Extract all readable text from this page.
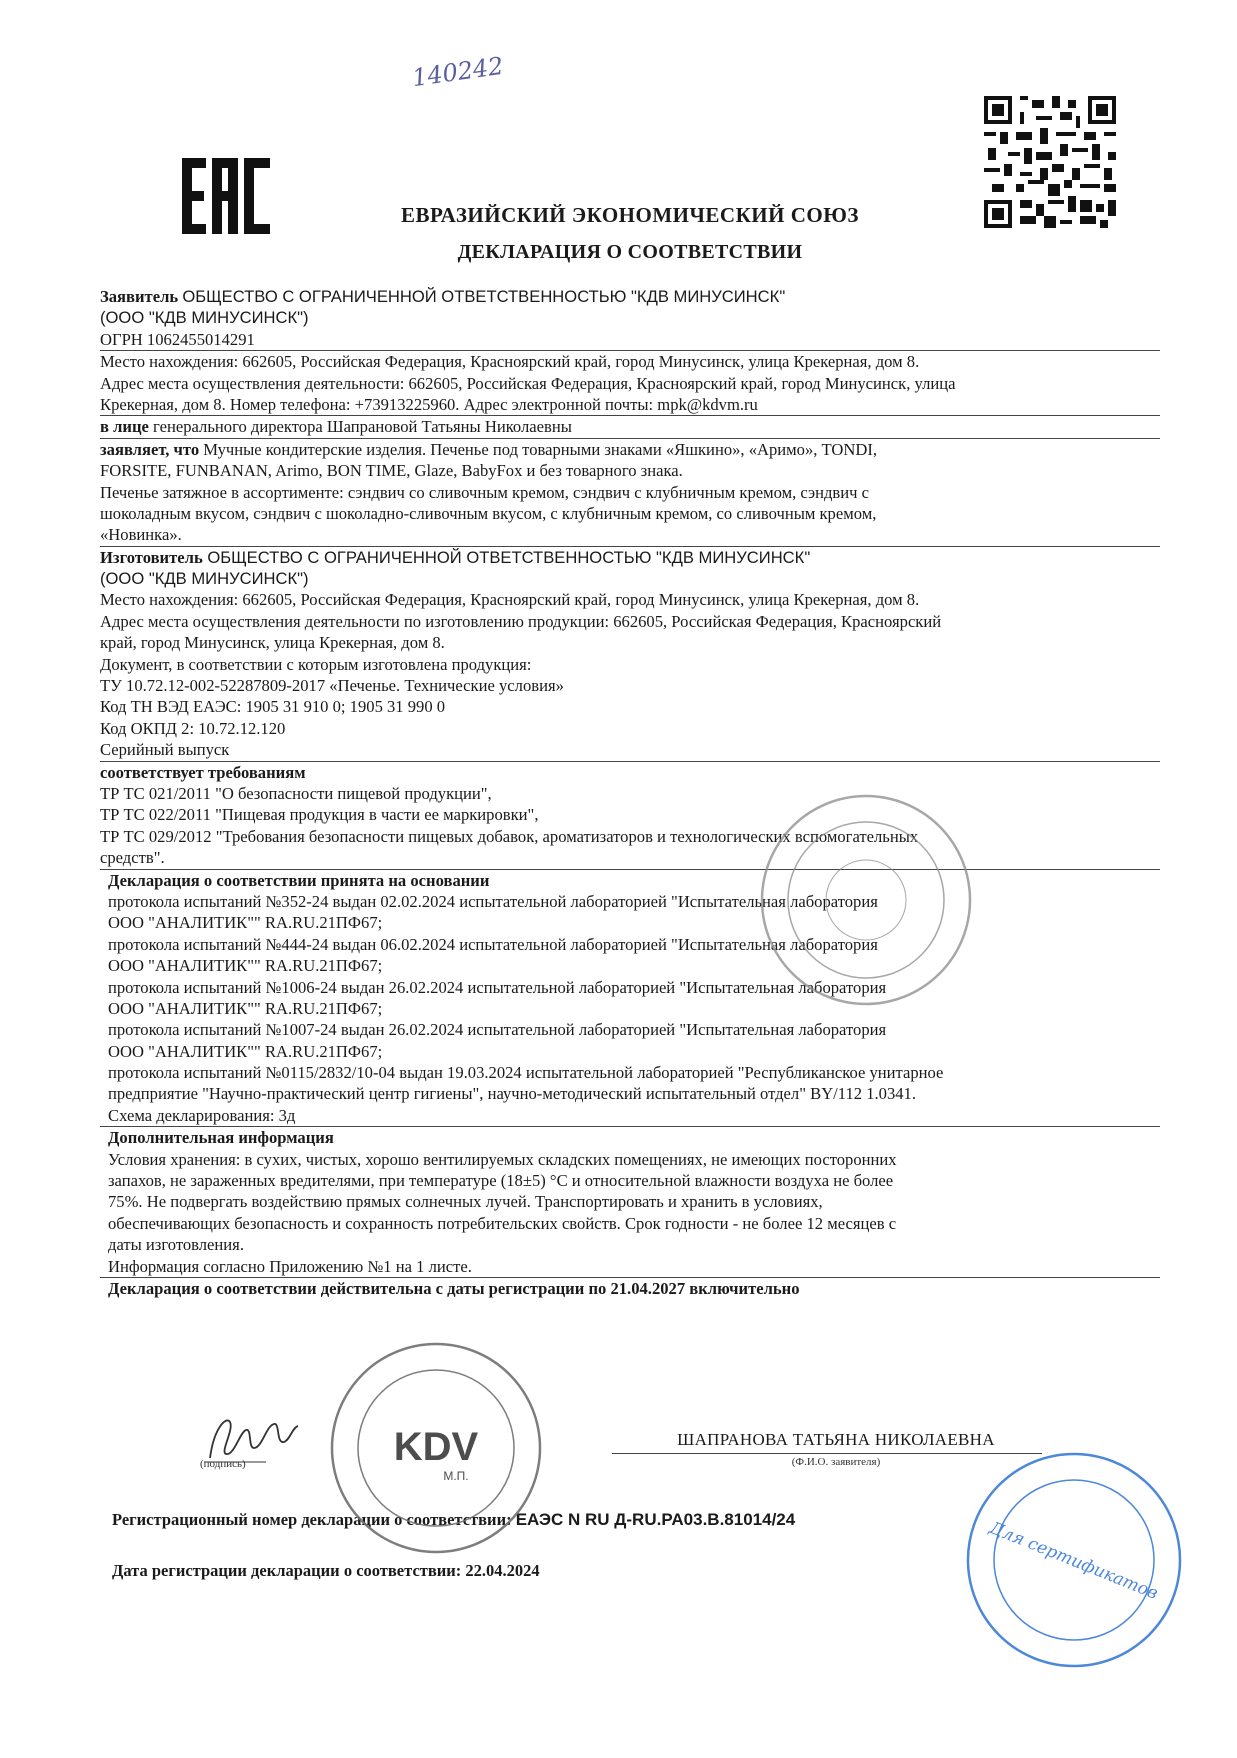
140242
ЕВРАЗИЙСКИЙ ЭКОНОМИЧЕСКИЙ СОЮЗ
ДЕКЛАРАЦИЯ О СООТВЕТСТВИИ
Заявитель ОБЩЕСТВО С ОГРАНИЧЕННОЙ ОТВЕТСТВЕННОСТЬЮ "КДВ МИНУСИНСК"
(ООО "КДВ МИНУСИНСК")
ОГРН 1062455014291
Место нахождения: 662605, Российская Федерация, Красноярский край, город Минусинск, улица Крекерная, дом 8.
Адрес места осуществления деятельности: 662605, Российская Федерация, Красноярский край, город Минусинск, улица
Крекерная, дом 8. Номер телефона: +73913225960. Адрес электронной почты: mpk@kdvm.ru
в лице генерального директора Шапрановой Татьяны Николаевны
заявляет, что Мучные кондитерские изделия. Печенье под товарными знаками «Яшкино», «Аримо», TONDI,
FORSITE, FUNBANAN, Arimo, BON TIME, Glaze, BabyFox и без товарного знака.
Печенье затяжное в ассортименте: сэндвич со сливочным кремом, сэндвич с клубничным кремом, сэндвич с
шоколадным вкусом, сэндвич с шоколадно-сливочным вкусом, с клубничным кремом, со сливочным кремом,
«Новинка».
Изготовитель ОБЩЕСТВО С ОГРАНИЧЕННОЙ ОТВЕТСТВЕННОСТЬЮ "КДВ МИНУСИНСК"
(ООО "КДВ МИНУСИНСК")
Место нахождения: 662605, Российская Федерация, Красноярский край, город Минусинск, улица Крекерная, дом 8.
Адрес места осуществления деятельности по изготовлению продукции: 662605, Российская Федерация, Красноярский
край, город Минусинск, улица Крекерная, дом 8.
Документ, в соответствии с которым изготовлена продукция:
ТУ 10.72.12-002-52287809-2017 «Печенье. Технические условия»
Код ТН ВЭД ЕАЭС: 1905 31 910 0; 1905 31 990 0
Код ОКПД 2: 10.72.12.120
Серийный выпуск
соответствует требованиям
ТР ТС 021/2011 "О безопасности пищевой продукции",
ТР ТС 022/2011 "Пищевая продукция в части ее маркировки",
ТР ТС 029/2012 "Требования безопасности пищевых добавок, ароматизаторов и технологических вспомогательных
средств".
Декларация о соответствии принята на основании
протокола испытаний №352-24 выдан 02.02.2024 испытательной лабораторией "Испытательная лаборатория
ООО "АНАЛИТИК"" RA.RU.21ПФ67;
протокола испытаний №444-24 выдан 06.02.2024 испытательной лабораторией "Испытательная лаборатория
ООО "АНАЛИТИК"" RA.RU.21ПФ67;
протокола испытаний №1006-24 выдан 26.02.2024 испытательной лабораторией "Испытательная лаборатория
ООО "АНАЛИТИК"" RA.RU.21ПФ67;
протокола испытаний №1007-24 выдан 26.02.2024 испытательной лабораторией "Испытательная лаборатория
ООО "АНАЛИТИК"" RA.RU.21ПФ67;
протокола испытаний №0115/2832/10-04 выдан 19.03.2024 испытательной лабораторией "Республиканское унитарное
предприятие "Научно-практический центр гигиены", научно-методический испытательный отдел" BY/112 1.0341.
Схема декларирования: 3д
Дополнительная информация
Условия хранения: в сухих, чистых, хорошо вентилируемых складских помещениях, не имеющих посторонних
запахов, не зараженных вредителями, при температуре (18±5) °С и относительной влажности воздуха не более
75%. Не подвергать воздействию прямых солнечных лучей. Транспортировать и хранить в условиях,
обеспечивающих безопасность и сохранность потребительских свойств. Срок годности - не более 12 месяцев с
даты изготовления.
Информация согласно Приложению №1 на 1 листе.
Декларация о соответствии действительна с даты регистрации по 21.04.2027 включительно
(подпись)
ШАПРАНОВА ТАТЬЯНА НИКОЛАЕВНА
(Ф.И.О. заявителя)
Регистрационный номер декларации о соответствии: ЕАЭС N RU Д-RU.PA03.B.81014/24
Дата регистрации декларации о соответствии: 22.04.2024
KDV
М.П.
Для сертификатов
